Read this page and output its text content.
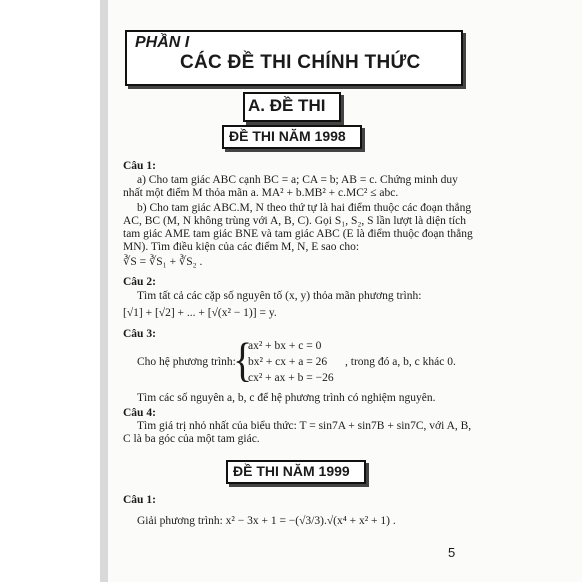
PHẦN I
CÁC ĐỀ THI CHÍNH THỨC
A. ĐỀ THI
ĐỀ THI NĂM 1998
Câu 1:
a) Cho tam giác ABC cạnh BC = a; CA = b; AB = c. Chứng minh duy
nhất một điểm M thỏa mãn a. MA² + b.MB² + c.MC² ≤ abc.
b) Cho tam giác ABC.M, N theo thứ tự là hai điểm thuộc các đoạn thẳng
AC, BC (M, N không trùng với A, B, C). Gọi S₁, S₂, S lần lượt là diện tích
tam giác AME tam giác BNE và tam giác ABC (E là điểm thuộc đoạn thẳng
MN). Tìm điều kiện của các điểm M, N, E sao cho:
∛S = ∛S₁ + ∛S₂ .
Câu 2:
Tìm tất cả các cặp số nguyên tố (x, y) thỏa mãn phương trình:
[√1] + [√2] + ... + [√(x² − 1)] = y.
Câu 3:
Cho hệ phương trình:
{
ax² + bx + c = 0
bx² + cx + a = 26
cx² + ax + b = −26
, trong đó a, b, c khác 0.
Tìm các số nguyên a, b, c để hệ phương trình có nghiệm nguyên.
Câu 4:
Tìm giá trị nhỏ nhất của biểu thức: T = sin7A + sin7B + sin7C, với A, B,
C là ba góc của một tam giác.
ĐỀ THI NĂM 1999
Câu 1:
Giải phương trình: x² − 3x + 1 = −(√3/3).√(x⁴ + x² + 1) .
5
